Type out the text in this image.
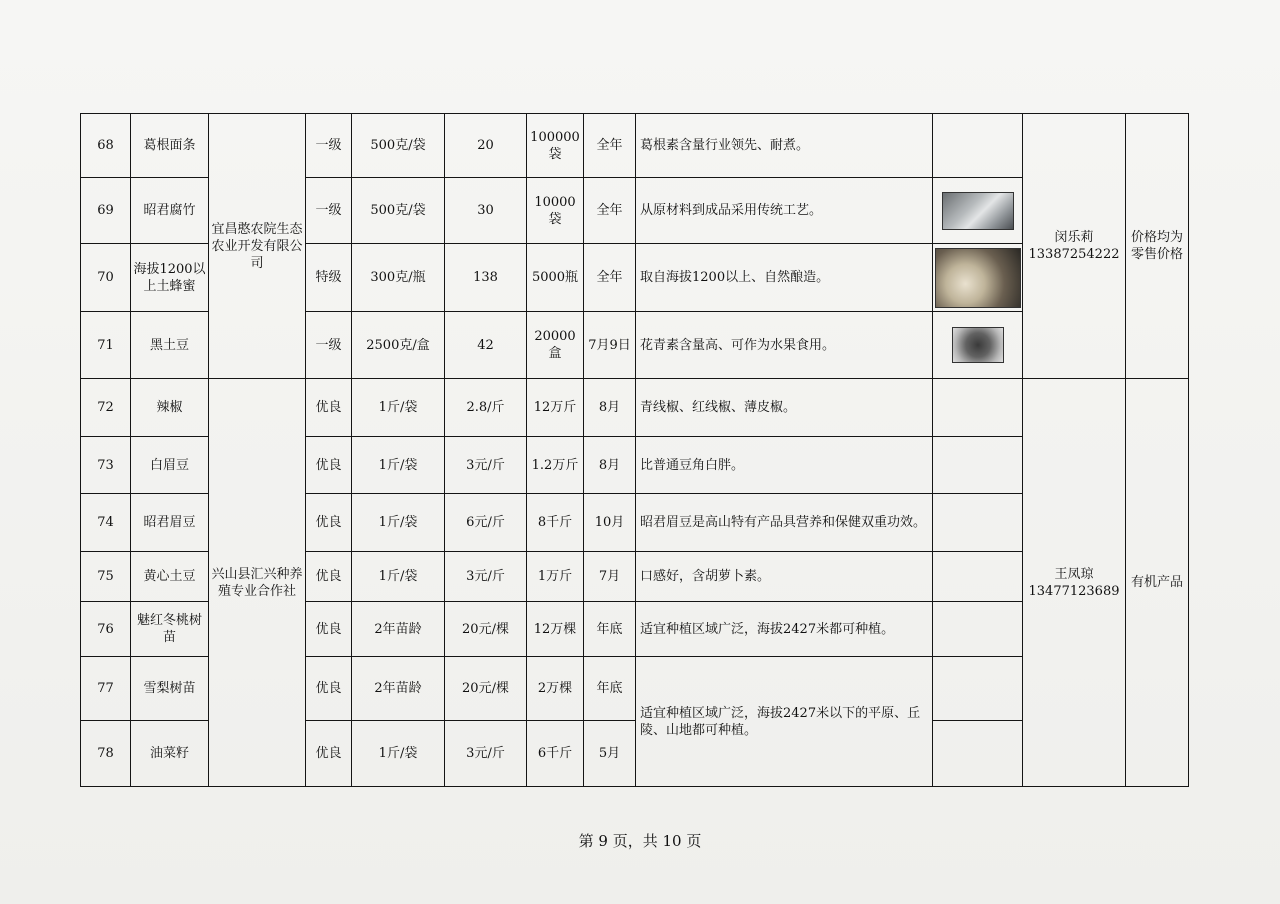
68	葛根面条	宜昌憨农院生态农业开发有限公司	一级	500克/袋	20	100000袋	全年	葛根素含量行业领先、耐煮。		闵乐莉
13387254222	价格均为零售价格
69	昭君腐竹		一级	500克/袋	30	10000袋	全年	从原材料到成品采用传统工艺。			

70	海拔1200以上土蜂蜜		特级	300克/瓶	138	5000瓶	全年	取自海拔1200以上、自然酿造。			

71	黑土豆		一级	2500克/盒	42	20000盒	7月9日	花青素含量高、可作为水果食用。			

72	辣椒	兴山县汇兴种养殖专业合作社	优良	1斤/袋	2.8/斤	12万斤	8月	青线椒、红线椒、薄皮椒。		王凤琼
13477123689	有机产品
73	白眉豆		优良	1斤/袋	3元/斤	1.2万斤	8月	比普通豆角白胖。			
74	昭君眉豆		优良	1斤/袋	6元/斤	8千斤	10月	昭君眉豆是高山特有产品具营养和保健双重功效。			
75	黄心土豆		优良	1斤/袋	3元/斤	1万斤	7月	口感好，含胡萝卜素。			
76	魅红冬桃树苗		优良	2年苗龄	20元/棵	12万棵	年底	适宜种植区域广泛，海拔2427米都可种植。			
77	雪梨树苗		优良	2年苗龄	20元/棵	2万棵	年底	适宜种植区域广泛，海拔2427米以下的平原、丘陵、山地都可种植。			
78	油菜籽		优良	1斤/袋	3元/斤	6千斤	5月				
第 9 页，共 10 页
